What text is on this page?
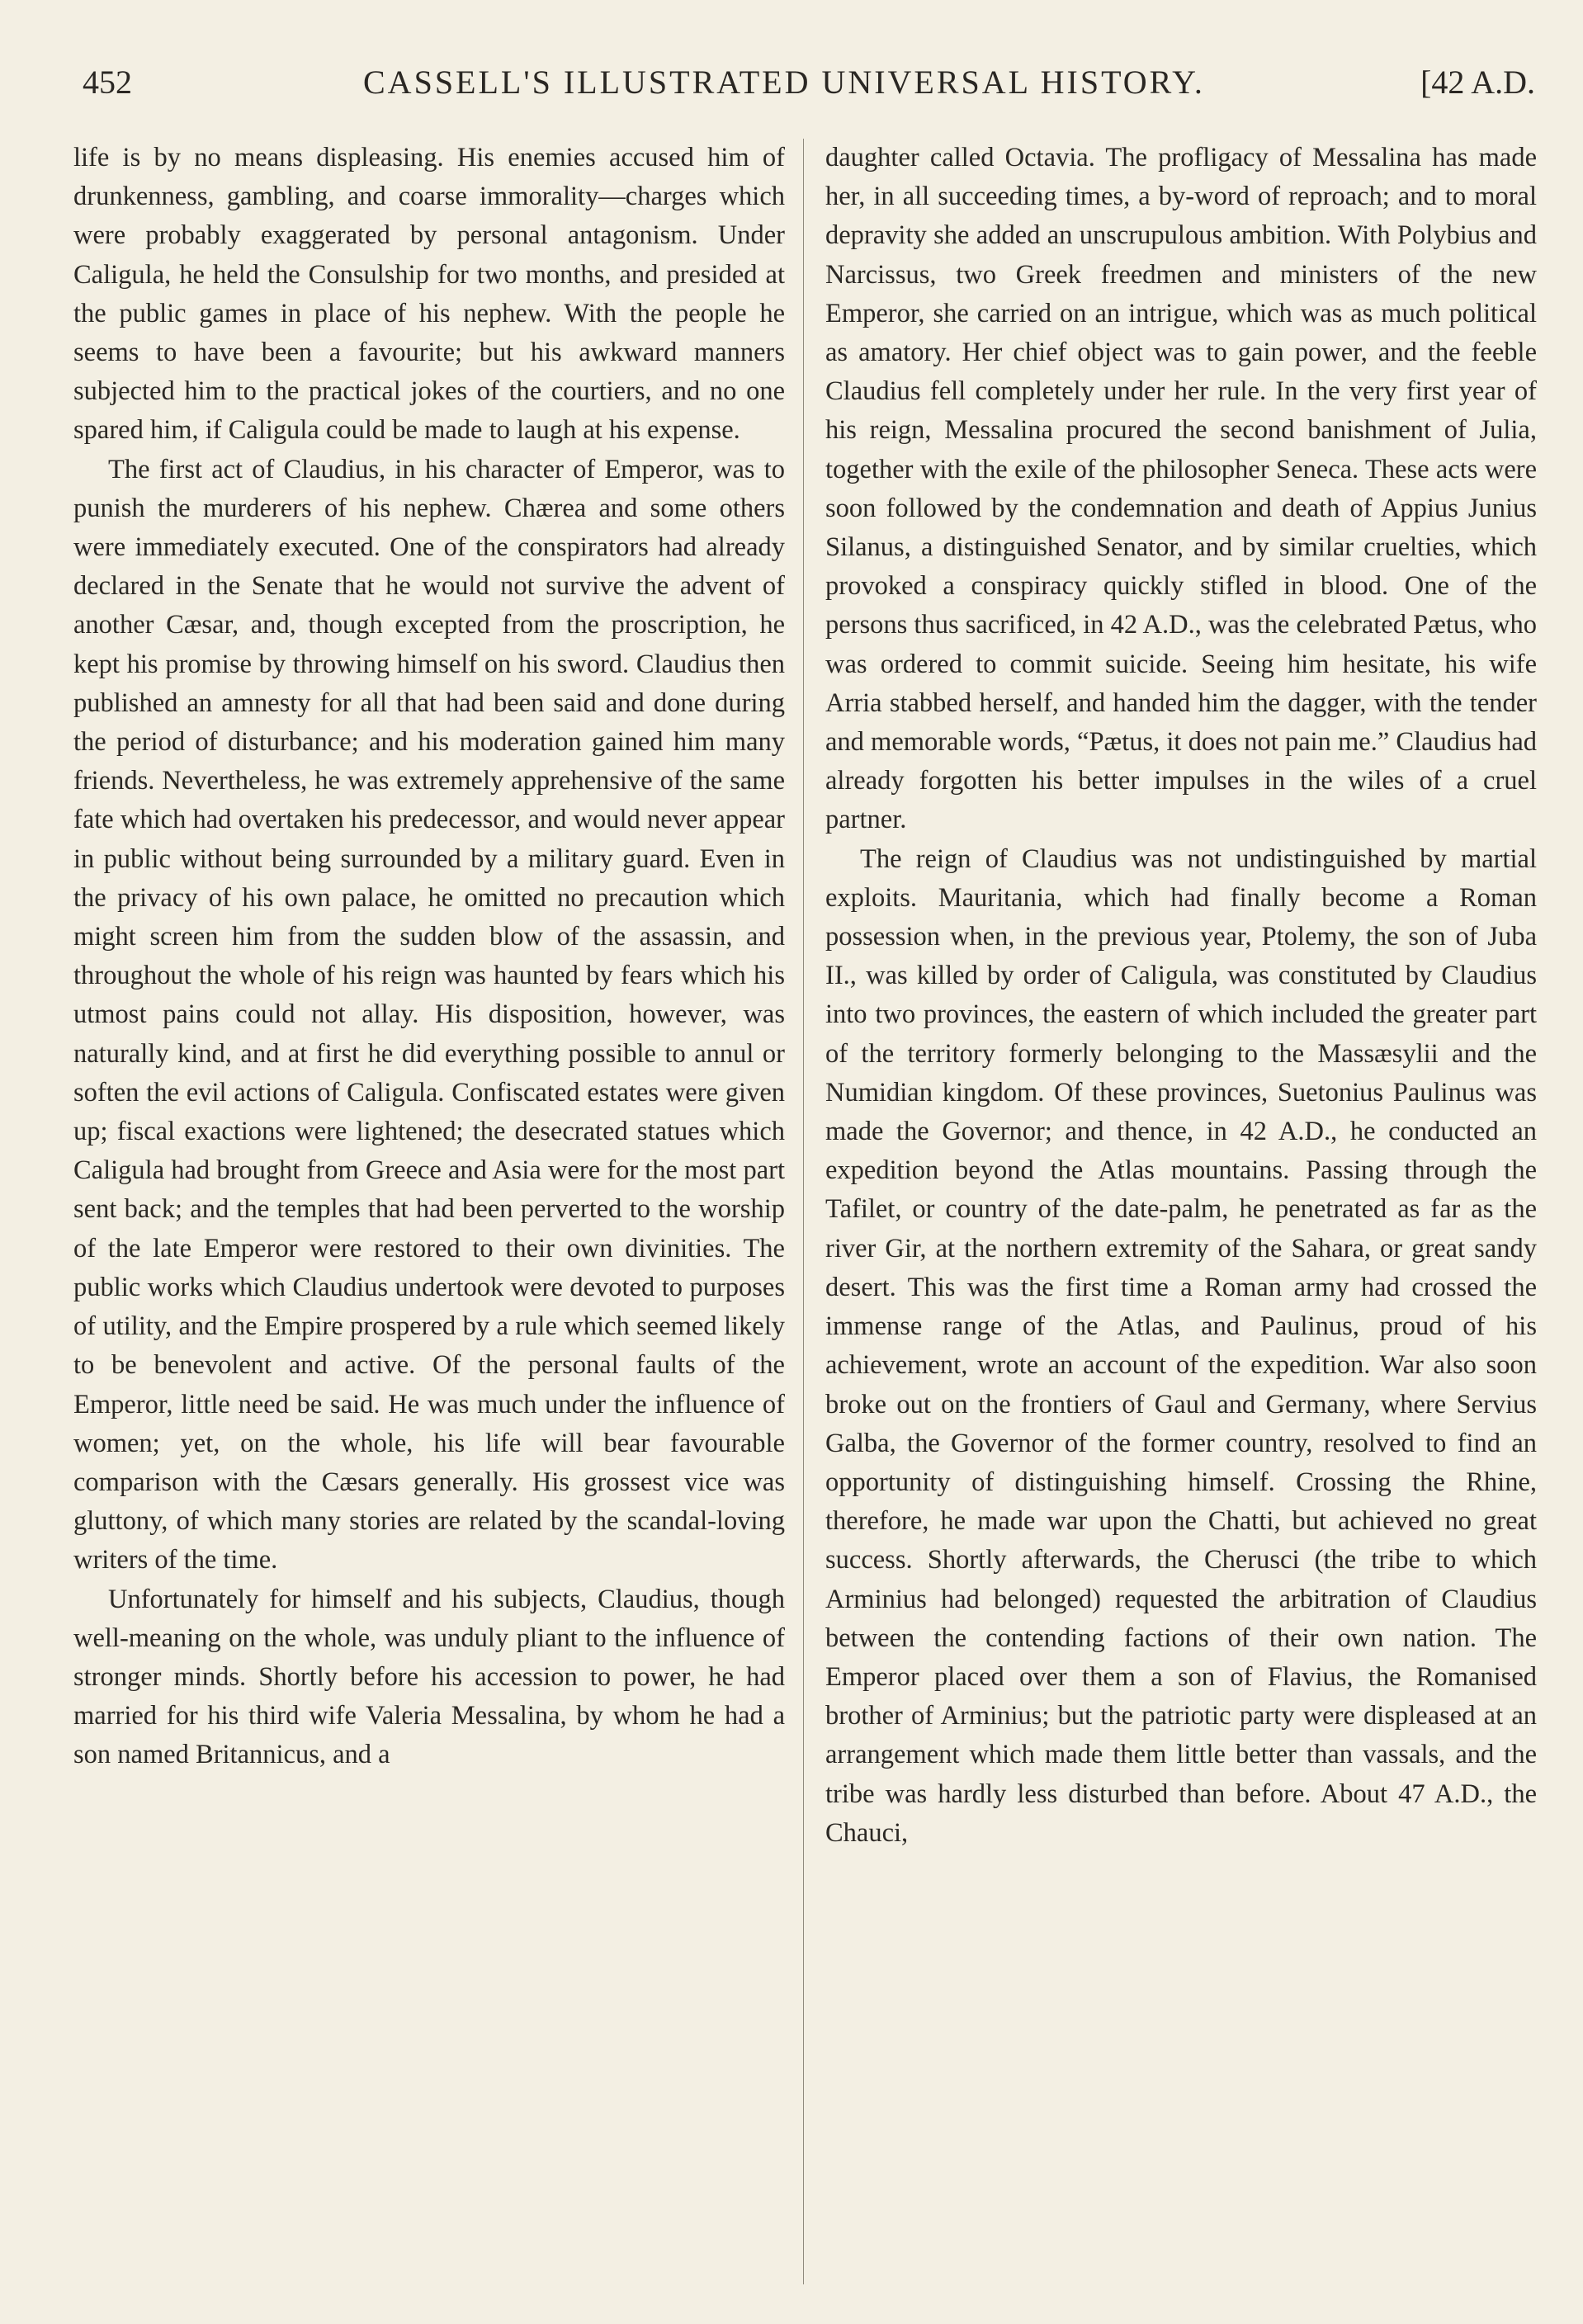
452	CASSELL'S ILLUSTRATED UNIVERSAL HISTORY.	[42 A.D.

life is by no means displeasing. His enemies accused him of drunkenness, gambling, and coarse immorality—charges which were probably exaggerated by personal antagonism. Under Caligula, he held the Consulship for two months, and presided at the public games in place of his nephew. With the people he seems to have been a favourite; but his awkward manners subjected him to the practical jokes of the courtiers, and no one spared him, if Caligula could be made to laugh at his expense.

The first act of Claudius, in his character of Emperor, was to punish the murderers of his nephew. Chærea and some others were immediately executed. One of the conspirators had already declared in the Senate that he would not survive the advent of another Cæsar, and, though excepted from the proscription, he kept his promise by throwing himself on his sword. Claudius then published an amnesty for all that had been said and done during the period of disturbance; and his moderation gained him many friends. Nevertheless, he was extremely apprehensive of the same fate which had overtaken his predecessor, and would never appear in public without being surrounded by a military guard. Even in the privacy of his own palace, he omitted no precaution which might screen him from the sudden blow of the assassin, and throughout the whole of his reign was haunted by fears which his utmost pains could not allay. His disposition, however, was naturally kind, and at first he did everything possible to annul or soften the evil actions of Caligula. Confiscated estates were given up; fiscal exactions were lightened; the desecrated statues which Caligula had brought from Greece and Asia were for the most part sent back; and the temples that had been perverted to the worship of the late Emperor were restored to their own divinities. The public works which Claudius undertook were devoted to purposes of utility, and the Empire prospered by a rule which seemed likely to be benevolent and active. Of the personal faults of the Emperor, little need be said. He was much under the influence of women; yet, on the whole, his life will bear favourable comparison with the Cæsars generally. His grossest vice was gluttony, of which many stories are related by the scandal-loving writers of the time.

Unfortunately for himself and his subjects, Claudius, though well-meaning on the whole, was unduly pliant to the influence of stronger minds. Shortly before his accession to power, he had married for his third wife Valeria Messalina, by whom he had a son named Britannicus, and a

daughter called Octavia. The profligacy of Messalina has made her, in all succeeding times, a by-word of reproach; and to moral depravity she added an unscrupulous ambition. With Polybius and Narcissus, two Greek freedmen and ministers of the new Emperor, she carried on an intrigue, which was as much political as amatory. Her chief object was to gain power, and the feeble Claudius fell completely under her rule. In the very first year of his reign, Messalina procured the second banishment of Julia, together with the exile of the philosopher Seneca. These acts were soon followed by the condemnation and death of Appius Junius Silanus, a distinguished Senator, and by similar cruelties, which provoked a conspiracy quickly stifled in blood. One of the persons thus sacrificed, in 42 A.D., was the celebrated Pætus, who was ordered to commit suicide. Seeing him hesitate, his wife Arria stabbed herself, and handed him the dagger, with the tender and memorable words, “Pætus, it does not pain me.” Claudius had already forgotten his better impulses in the wiles of a cruel partner.

The reign of Claudius was not undistinguished by martial exploits. Mauritania, which had finally become a Roman possession when, in the previous year, Ptolemy, the son of Juba II., was killed by order of Caligula, was constituted by Claudius into two provinces, the eastern of which included the greater part of the territory formerly belonging to the Massæsylii and the Numidian kingdom. Of these provinces, Suetonius Paulinus was made the Governor; and thence, in 42 A.D., he conducted an expedition beyond the Atlas mountains. Passing through the Tafilet, or country of the date-palm, he penetrated as far as the river Gir, at the northern extremity of the Sahara, or great sandy desert. This was the first time a Roman army had crossed the immense range of the Atlas, and Paulinus, proud of his achievement, wrote an account of the expedition. War also soon broke out on the frontiers of Gaul and Germany, where Servius Galba, the Governor of the former country, resolved to find an opportunity of distinguishing himself. Crossing the Rhine, therefore, he made war upon the Chatti, but achieved no great success. Shortly afterwards, the Cherusci (the tribe to which Arminius had belonged) requested the arbitration of Claudius between the contending factions of their own nation. The Emperor placed over them a son of Flavius, the Romanised brother of Arminius; but the patriotic party were displeased at an arrangement which made them little better than vassals, and the tribe was hardly less disturbed than before. About 47 A.D., the Chauci,
